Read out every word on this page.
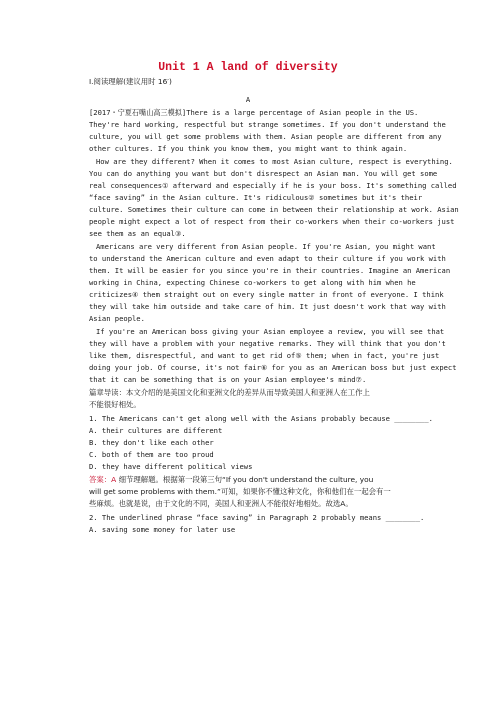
Unit 1 A land of diversity
Ⅰ.阅读理解(建议用时 16′)
A
[2017・宁夏石嘴山高三模拟]There is a large percentage of Asian people in the US.
They're hard working, respectful but strange sometimes. If you don't understand the
culture, you will get some problems with them. Asian people are different from any
other cultures. If you think you know them, you might want to think again.
How are they different? When it comes to most Asian culture, respect is everything.
You can do anything you want but don't disrespect an Asian man. You will get some
real consequences① afterward and especially if he is your boss. It's something called
“face saving” in the Asian culture. It's ridiculous② sometimes but it's their
culture. Sometimes their culture can come in between their relationship at work. Asian
people might expect a lot of respect from their co-workers when their co-workers just
see them as an equal③.
Americans are very different from Asian people. If you're Asian, you might want
to understand the American culture and even adapt to their culture if you work with
them. It will be easier for you since you're in their countries. Imagine an American
working in China, expecting Chinese co-workers to get along with him when he
criticizes④ them straight out on every single matter in front of everyone. I think
they will take him outside and take care of him. It just doesn't work that way with
Asian people.
If you're an American boss giving your Asian employee a review, you will see that
they will have a problem with your negative remarks. They will think that you don't
like them, disrespectful, and want to get rid of⑤ them; when in fact, you're just
doing your job. Of course, it's not fair⑥ for you as an American boss but just expect
that it can be something that is on your Asian employee's mind⑦.
篇章导读：本文介绍的是美国文化和亚洲文化的差异从而导致美国人和亚洲人在工作上
不能很好相处。
1. The Americans can't get along well with the Asians probably because ________.
A. their cultures are different
B. they don't like each other
C. both of them are too proud
D. they have different political views
答案：A 细节理解题。根据第一段第三句“If you don't understand the culture, you
will get some problems with them.”可知，如果你不懂这种文化，你和他们在一起会有一
些麻烦。也就是说，由于文化的不同，美国人和亚洲人不能很好地相处。故选A。
2. The underlined phrase “face saving” in Paragraph 2 probably means ________.
A. saving some money for later use
